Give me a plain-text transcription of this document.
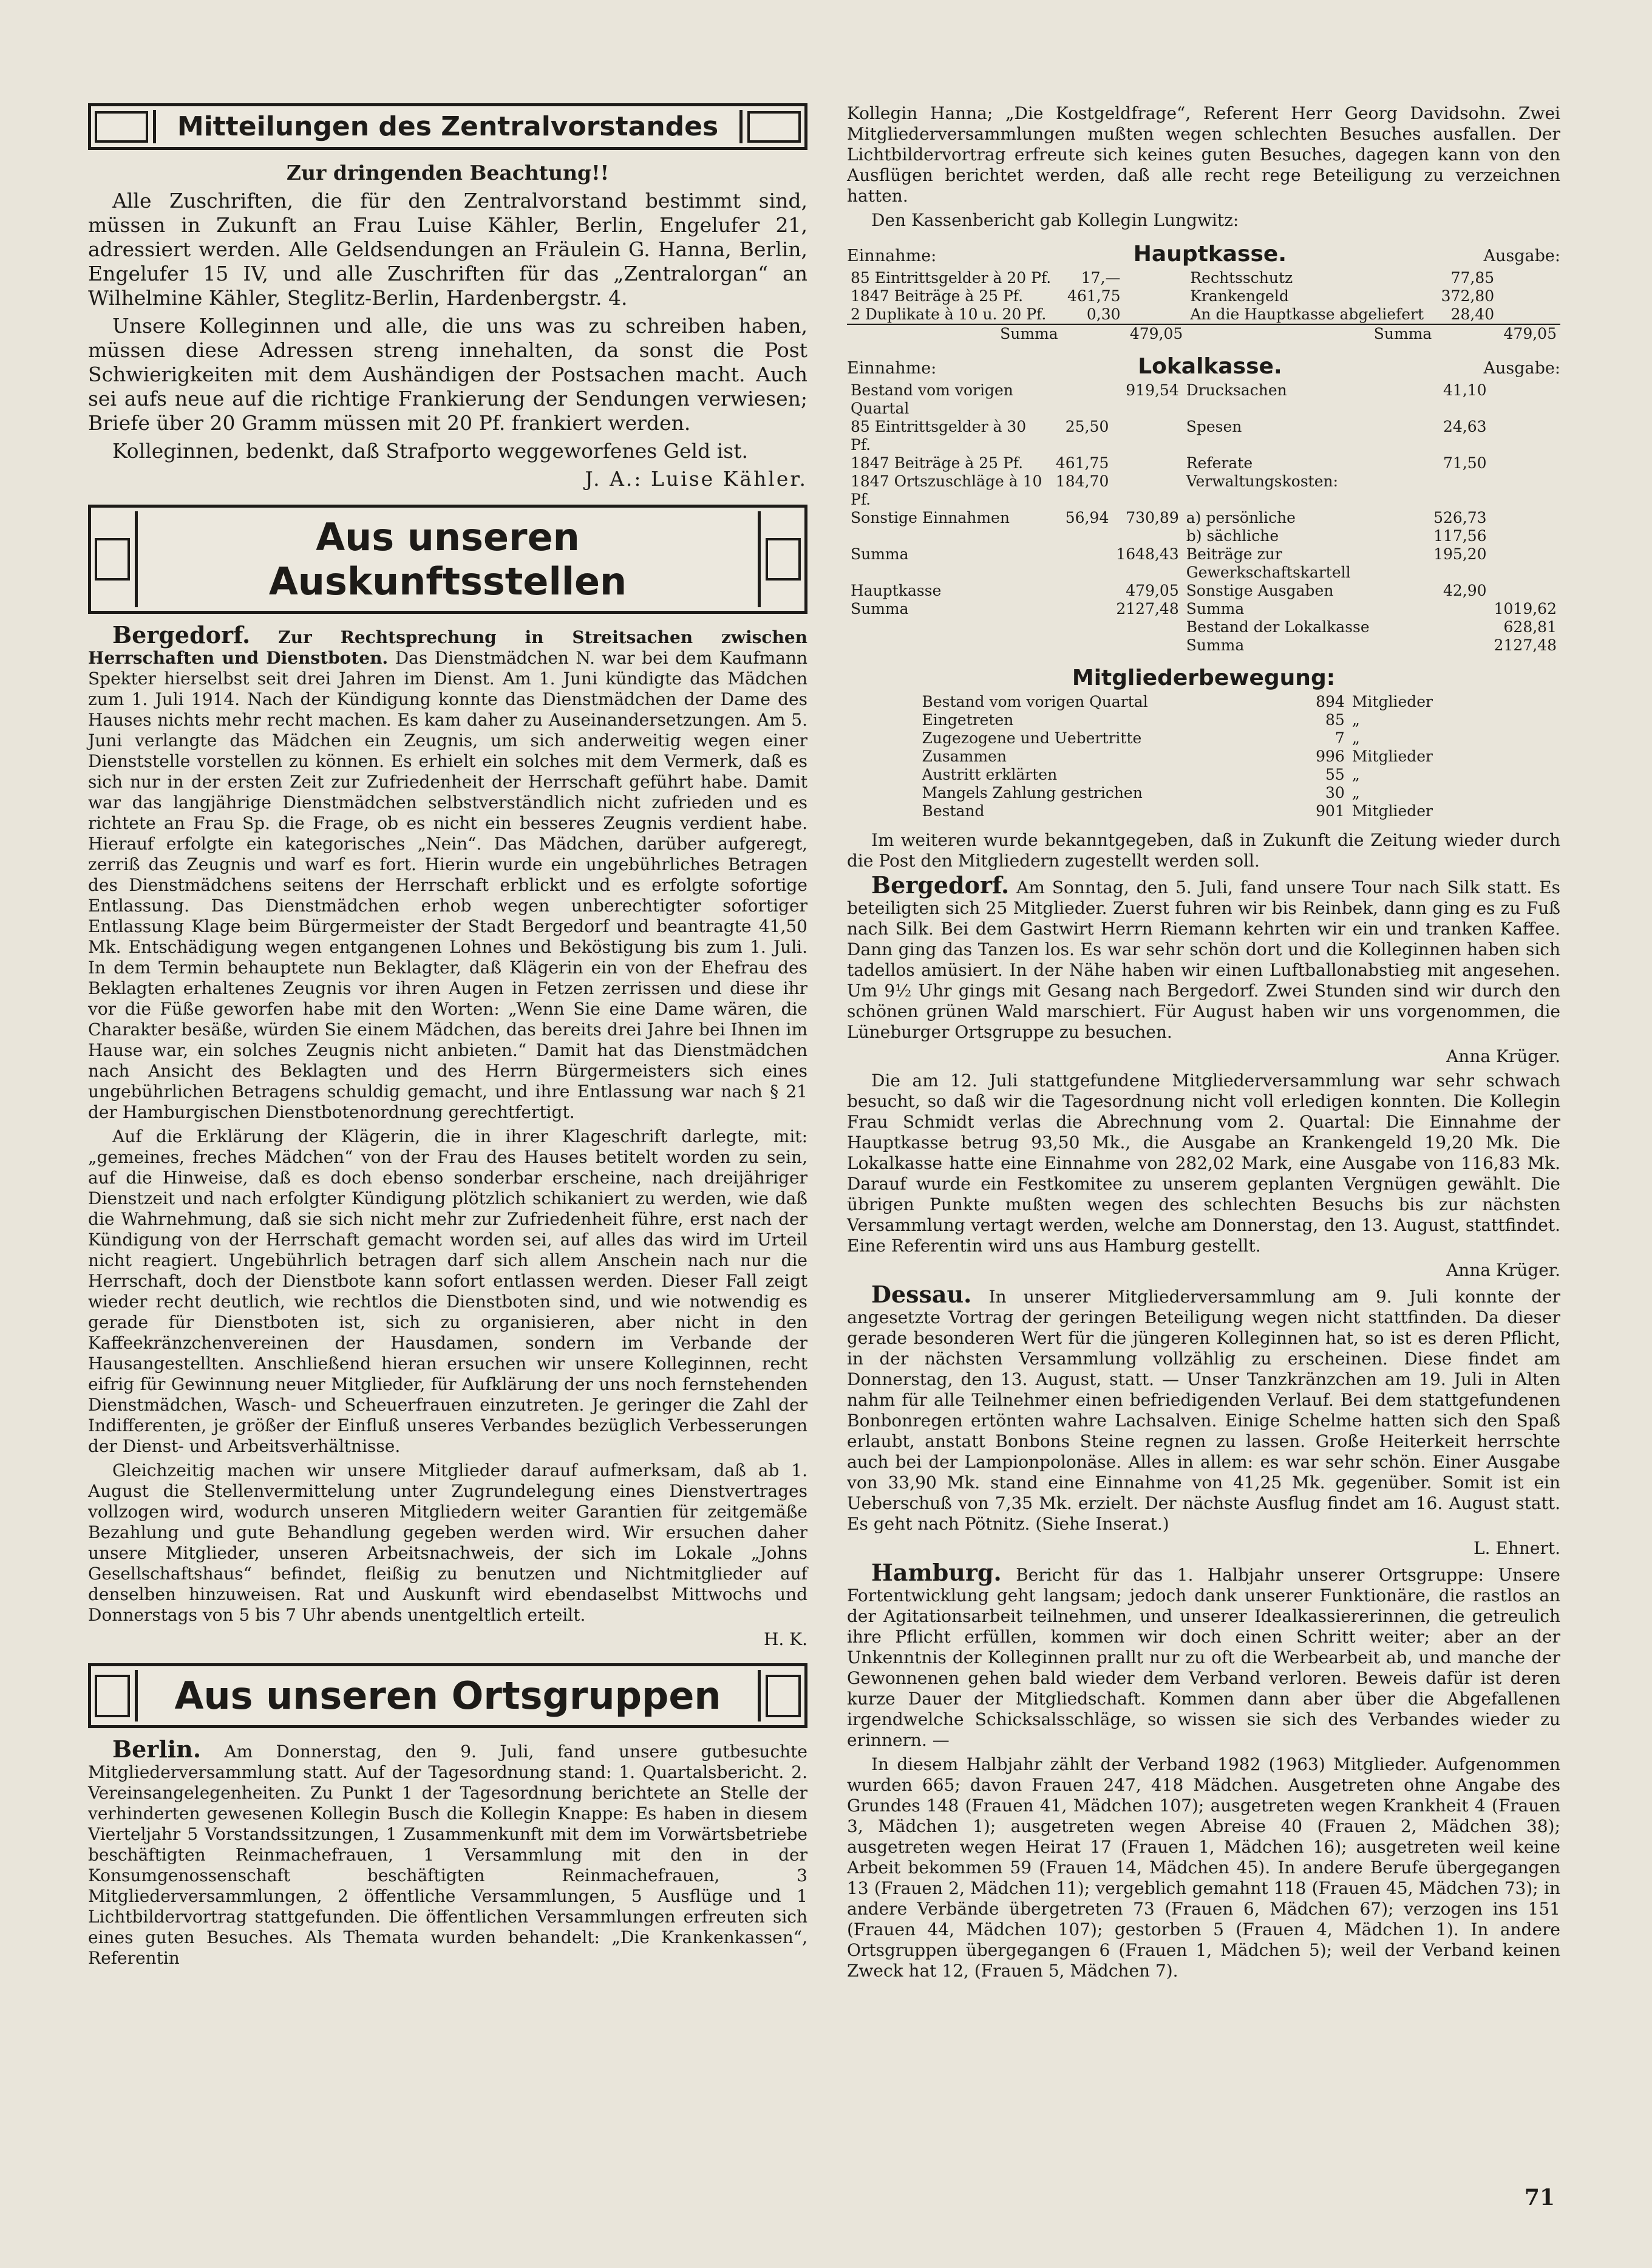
Mitteilungen des Zentralvorstandes

Zur dringenden Beachtung!!

Alle Zuschriften, die für den Zentralvorstand bestimmt sind, müssen in Zukunft an Frau Luise Kähler, Berlin, Engelufer 21, adressiert werden. Alle Geldsendungen an Fräulein G. Hanna, Berlin, Engelufer 15 IV, und alle Zuschriften für das „Zentralorgan“ an Wilhelmine Kähler, Steglitz-Berlin, Hardenbergstr. 4.

Unsere Kolleginnen und alle, die uns was zu schreiben haben, müssen diese Adressen streng innehalten, da sonst die Post Schwierigkeiten mit dem Aushändigen der Postsachen macht. Auch sei aufs neue auf die richtige Frankierung der Sendungen verwiesen; Briefe über 20 Gramm müssen mit 20 Pf. frankiert werden.

Kolleginnen, bedenkt, daß Strafporto weggeworfenes Geld ist.

J. A.: Luise Kähler.

Aus unseren Auskunftsstellen

Bergedorf. Zur Rechtsprechung in Streitsachen zwischen Herrschaften und Dienstboten. Das Dienstmädchen N. war bei dem Kaufmann Spekter hierselbst seit drei Jahren im Dienst. Am 1. Juni kündigte das Mädchen zum 1. Juli 1914. Nach der Kündigung konnte das Dienstmädchen der Dame des Hauses nichts mehr recht machen. Es kam daher zu Auseinandersetzungen. Am 5. Juni verlangte das Mädchen ein Zeugnis, um sich anderweitig wegen einer Dienststelle vorstellen zu können. Es erhielt ein solches mit dem Vermerk, daß es sich nur in der ersten Zeit zur Zufriedenheit der Herrschaft geführt habe. Damit war das langjährige Dienstmädchen selbstverständlich nicht zufrieden und es richtete an Frau Sp. die Frage, ob es nicht ein besseres Zeugnis verdient habe. Hierauf erfolgte ein kategorisches „Nein“. Das Mädchen, darüber aufgeregt, zerriß das Zeugnis und warf es fort. Hierin wurde ein ungebührliches Betragen des Dienstmädchens seitens der Herrschaft erblickt und es erfolgte sofortige Entlassung. Das Dienstmädchen erhob wegen unberechtigter sofortiger Entlassung Klage beim Bürgermeister der Stadt Bergedorf und beantragte 41,50 Mk. Entschädigung wegen entgangenen Lohnes und Beköstigung bis zum 1. Juli. In dem Termin behauptete nun Beklagter, daß Klägerin ein von der Ehefrau des Beklagten erhaltenes Zeugnis vor ihren Augen in Fetzen zerrissen und diese ihr vor die Füße geworfen habe mit den Worten: „Wenn Sie eine Dame wären, die Charakter besäße, würden Sie einem Mädchen, das bereits drei Jahre bei Ihnen im Hause war, ein solches Zeugnis nicht anbieten.“ Damit hat das Dienstmädchen nach Ansicht des Beklagten und des Herrn Bürgermeisters sich eines ungebührlichen Betragens schuldig gemacht, und ihre Entlassung war nach § 21 der Hamburgischen Dienstbotenordnung gerechtfertigt.

Auf die Erklärung der Klägerin, die in ihrer Klageschrift darlegte, mit: „gemeines, freches Mädchen“ von der Frau des Hauses betitelt worden zu sein, auf die Hinweise, daß es doch ebenso sonderbar erscheine, nach dreijähriger Dienstzeit und nach erfolgter Kündigung plötzlich schikaniert zu werden, wie daß die Wahrnehmung, daß sie sich nicht mehr zur Zufriedenheit führe, erst nach der Kündigung von der Herrschaft gemacht worden sei, auf alles das wird im Urteil nicht reagiert. Ungebührlich betragen darf sich allem Anschein nach nur die Herrschaft, doch der Dienstbote kann sofort entlassen werden. Dieser Fall zeigt wieder recht deutlich, wie rechtlos die Dienstboten sind, und wie notwendig es gerade für Dienstboten ist, sich zu organisieren, aber nicht in den Kaffeekränzchenvereinen der Hausdamen, sondern im Verbande der Hausangestellten. Anschließend hieran ersuchen wir unsere Kolleginnen, recht eifrig für Gewinnung neuer Mitglieder, für Aufklärung der uns noch fernstehenden Dienstmädchen, Wasch- und Scheuerfrauen einzutreten. Je geringer die Zahl der Indifferenten, je größer der Einfluß unseres Verbandes bezüglich Verbesserungen der Dienst- und Arbeitsverhältnisse.

Gleichzeitig machen wir unsere Mitglieder darauf aufmerksam, daß ab 1. August die Stellenvermittelung unter Zugrundelegung eines Dienstvertrages vollzogen wird, wodurch unseren Mitgliedern weiter Garantien für zeitgemäße Bezahlung und gute Behandlung gegeben werden wird. Wir ersuchen daher unsere Mitglieder, unseren Arbeitsnachweis, der sich im Lokale „Johns Gesellschaftshaus“ befindet, fleißig zu benutzen und Nichtmitglieder auf denselben hinzuweisen. Rat und Auskunft wird ebendaselbst Mittwochs und Donnerstags von 5 bis 7 Uhr abends unentgeltlich erteilt.

H. K.

Aus unseren Ortsgruppen

Berlin. Am Donnerstag, den 9. Juli, fand unsere gutbesuchte Mitgliederversammlung statt. Auf der Tagesordnung stand: 1. Quartalsbericht. 2. Vereinsangelegenheiten. Zu Punkt 1 der Tagesordnung berichtete an Stelle der verhinderten gewesenen Kollegin Busch die Kollegin Knappe: Es haben in diesem Vierteljahr 5 Vorstandssitzungen, 1 Zusammenkunft mit dem im Vorwärtsbetriebe beschäftigten Reinmachefrauen, 1 Versammlung mit den in der Konsumgenossenschaft beschäftigten Reinmachefrauen, 3 Mitgliederversammlungen, 2 öffentliche Versammlungen, 5 Ausflüge und 1 Lichtbildervortrag stattgefunden. Die öffentlichen Versammlungen erfreuten sich eines guten Besuches. Als Themata wurden behandelt: „Die Krankenkassen“, Referentin

Kollegin Hanna; „Die Kostgeldfrage“, Referent Herr Georg Davidsohn. Zwei Mitgliederversammlungen mußten wegen schlechten Besuches ausfallen. Der Lichtbildervortrag erfreute sich keines guten Besuches, dagegen kann von den Ausflügen berichtet werden, daß alle recht rege Beteiligung zu verzeichnen hatten.

Den Kassenbericht gab Kollegin Lungwitz:

Einnahme:	Hauptkasse.	Ausgabe:
85 Eintrittsgelder à 20 Pf.	17,—		Rechtsschutz	77,85	
1847 Beiträge à 25 Pf.	461,75		Krankengeld	372,80	
2 Duplikate à 10 u. 20 Pf.	0,30		An die Hauptkasse abgeliefert	28,40	
Summa		479,05	Summa		479,05
Einnahme:	Lokalkasse.	Ausgabe:
Bestand vom vorigen Quartal		919,54	Drucksachen	41,10	
85 Eintrittsgelder à 30 Pf.	25,50		Spesen	24,63	
1847 Beiträge à 25 Pf.	461,75		Referate	71,50	
1847 Ortszuschläge à 10 Pf.	184,70		Verwaltungskosten:		
Sonstige Einnahmen	56,94	730,89	a) persönliche	526,73	
			b) sächliche	117,56	
Summa		1648,43	Beiträge zur Gewerkschaftskartell	195,20	
Hauptkasse		479,05	Sonstige Ausgaben	42,90	
Summa		2127,48	Summa		1019,62
			Bestand der Lokalkasse		628,81
			Summa		2127,48
Mitgliederbewegung:
Bestand vom vorigen Quartal	894	Mitglieder
Eingetreten	85	„
Zugezogene und Uebertritte	7	„
Zusammen	996	Mitglieder
Austritt erklärten	55	„
Mangels Zahlung gestrichen	30	„
Bestand	901	Mitglieder

Im weiteren wurde bekanntgegeben, daß in Zukunft die Zeitung wieder durch die Post den Mitgliedern zugestellt werden soll.

Bergedorf. Am Sonntag, den 5. Juli, fand unsere Tour nach Silk statt. Es beteiligten sich 25 Mitglieder. Zuerst fuhren wir bis Reinbek, dann ging es zu Fuß nach Silk. Bei dem Gastwirt Herrn Riemann kehrten wir ein und tranken Kaffee. Dann ging das Tanzen los. Es war sehr schön dort und die Kolleginnen haben sich tadellos amüsiert. In der Nähe haben wir einen Luftballonabstieg mit angesehen. Um 9½ Uhr gings mit Gesang nach Bergedorf. Zwei Stunden sind wir durch den schönen grünen Wald marschiert. Für August haben wir uns vorgenommen, die Lüneburger Ortsgruppe zu besuchen.

Anna Krüger.

Die am 12. Juli stattgefundene Mitgliederversammlung war sehr schwach besucht, so daß wir die Tagesordnung nicht voll erledigen konnten. Die Kollegin Frau Schmidt verlas die Abrechnung vom 2. Quartal: Die Einnahme der Hauptkasse betrug 93,50 Mk., die Ausgabe an Krankengeld 19,20 Mk. Die Lokalkasse hatte eine Einnahme von 282,02 Mark, eine Ausgabe von 116,83 Mk. Darauf wurde ein Festkomitee zu unserem geplanten Vergnügen gewählt. Die übrigen Punkte mußten wegen des schlechten Besuchs bis zur nächsten Versammlung vertagt werden, welche am Donnerstag, den 13. August, stattfindet. Eine Referentin wird uns aus Hamburg gestellt.

Anna Krüger.

Dessau. In unserer Mitgliederversammlung am 9. Juli konnte der angesetzte Vortrag der geringen Beteiligung wegen nicht stattfinden. Da dieser gerade besonderen Wert für die jüngeren Kolleginnen hat, so ist es deren Pflicht, in der nächsten Versammlung vollzählig zu erscheinen. Diese findet am Donnerstag, den 13. August, statt. — Unser Tanzkränzchen am 19. Juli in Alten nahm für alle Teilnehmer einen befriedigenden Verlauf. Bei dem stattgefundenen Bonbonregen ertönten wahre Lachsalven. Einige Schelme hatten sich den Spaß erlaubt, anstatt Bonbons Steine regnen zu lassen. Große Heiterkeit herrschte auch bei der Lampionpolonäse. Alles in allem: es war sehr schön. Einer Ausgabe von 33,90 Mk. stand eine Einnahme von 41,25 Mk. gegenüber. Somit ist ein Ueberschuß von 7,35 Mk. erzielt. Der nächste Ausflug findet am 16. August statt. Es geht nach Pötnitz. (Siehe Inserat.)

L. Ehnert.

Hamburg. Bericht für das 1. Halbjahr unserer Ortsgruppe: Unsere Fortentwicklung geht langsam; jedoch dank unserer Funktionäre, die rastlos an der Agitationsarbeit teilnehmen, und unserer Idealkassiererinnen, die getreulich ihre Pflicht erfüllen, kommen wir doch einen Schritt weiter; aber an der Unkenntnis der Kolleginnen prallt nur zu oft die Werbearbeit ab, und manche der Gewonnenen gehen bald wieder dem Verband verloren. Beweis dafür ist deren kurze Dauer der Mitgliedschaft. Kommen dann aber über die Abgefallenen irgendwelche Schicksalsschläge, so wissen sie sich des Verbandes wieder zu erinnern. —

In diesem Halbjahr zählt der Verband 1982 (1963) Mitglieder. Aufgenommen wurden 665; davon Frauen 247, 418 Mädchen. Ausgetreten ohne Angabe des Grundes 148 (Frauen 41, Mädchen 107); ausgetreten wegen Krankheit 4 (Frauen 3, Mädchen 1); ausgetreten wegen Abreise 40 (Frauen 2, Mädchen 38); ausgetreten wegen Heirat 17 (Frauen 1, Mädchen 16); ausgetreten weil keine Arbeit bekommen 59 (Frauen 14, Mädchen 45). In andere Berufe übergegangen 13 (Frauen 2, Mädchen 11); vergeblich gemahnt 118 (Frauen 45, Mädchen 73); in andere Verbände übergetreten 73 (Frauen 6, Mädchen 67); verzogen ins 151 (Frauen 44, Mädchen 107); gestorben 5 (Frauen 4, Mädchen 1). In andere Ortsgruppen übergegangen 6 (Frauen 1, Mädchen 5); weil der Verband keinen Zweck hat 12, (Frauen 5, Mädchen 7).

71
